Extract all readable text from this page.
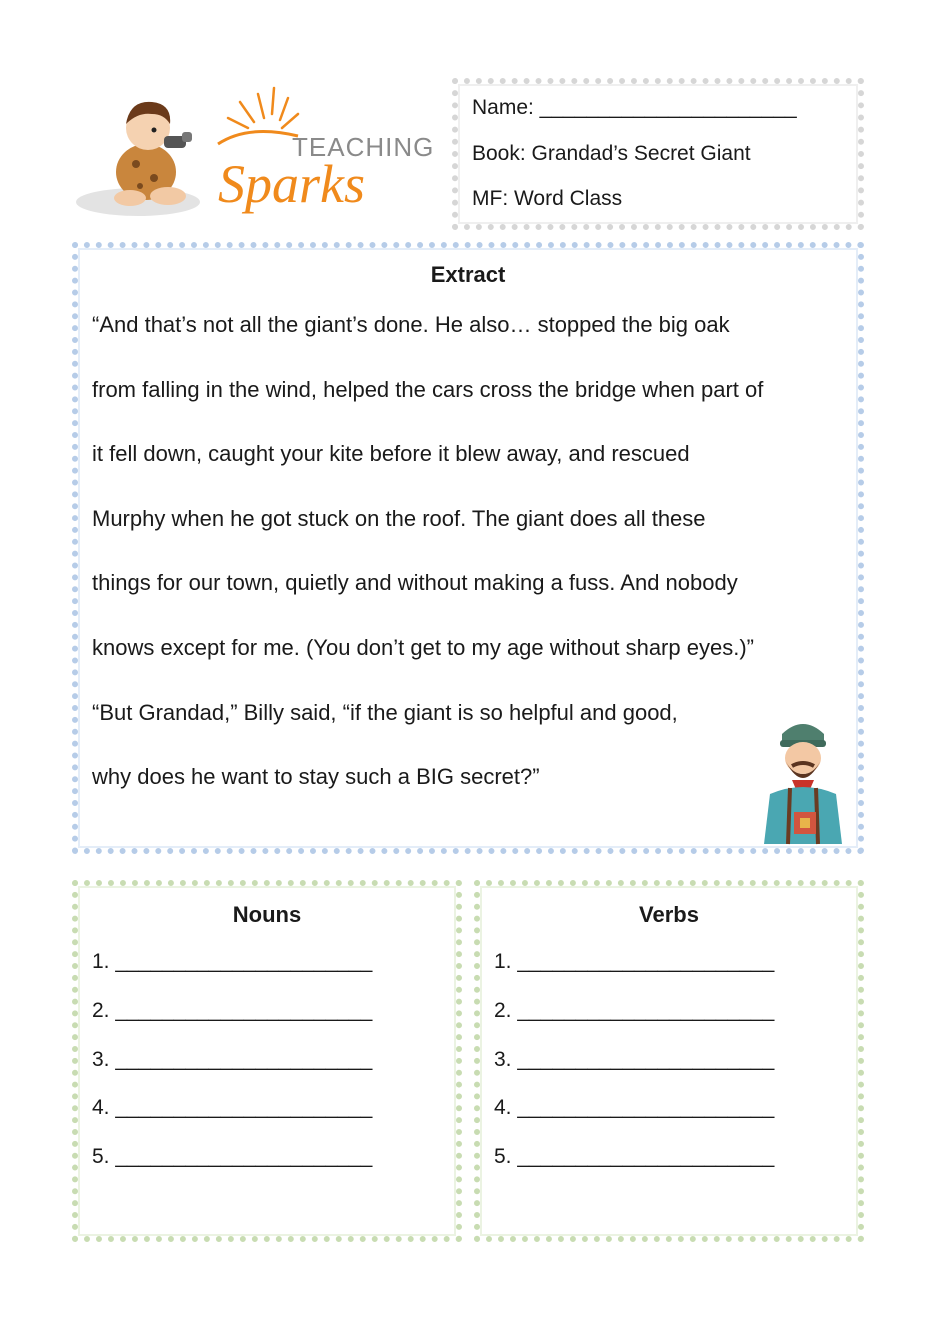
TEACHING
Sparks
Name: ______________________
Book: Grandad’s Secret Giant
MF: Word Class
Extract
“And that’s not all the giant’s done. He also… stopped the big oak
from falling in the wind, helped the cars cross the bridge when part of
it fell down, caught your kite before it blew away, and rescued
Murphy when he got stuck on the roof. The giant does all these
things for our town, quietly and without making a fuss. And nobody
knows except for me. (You don’t get to my age without sharp eyes.)”
“But Grandad,” Billy said, “if the giant is so helpful and good,
why does he want to stay such a BIG secret?”
Nouns
1. ______________________
2. ______________________
3. ______________________
4. ______________________
5. ______________________
Verbs
1. ______________________
2. ______________________
3. ______________________
4. ______________________
5. ______________________
